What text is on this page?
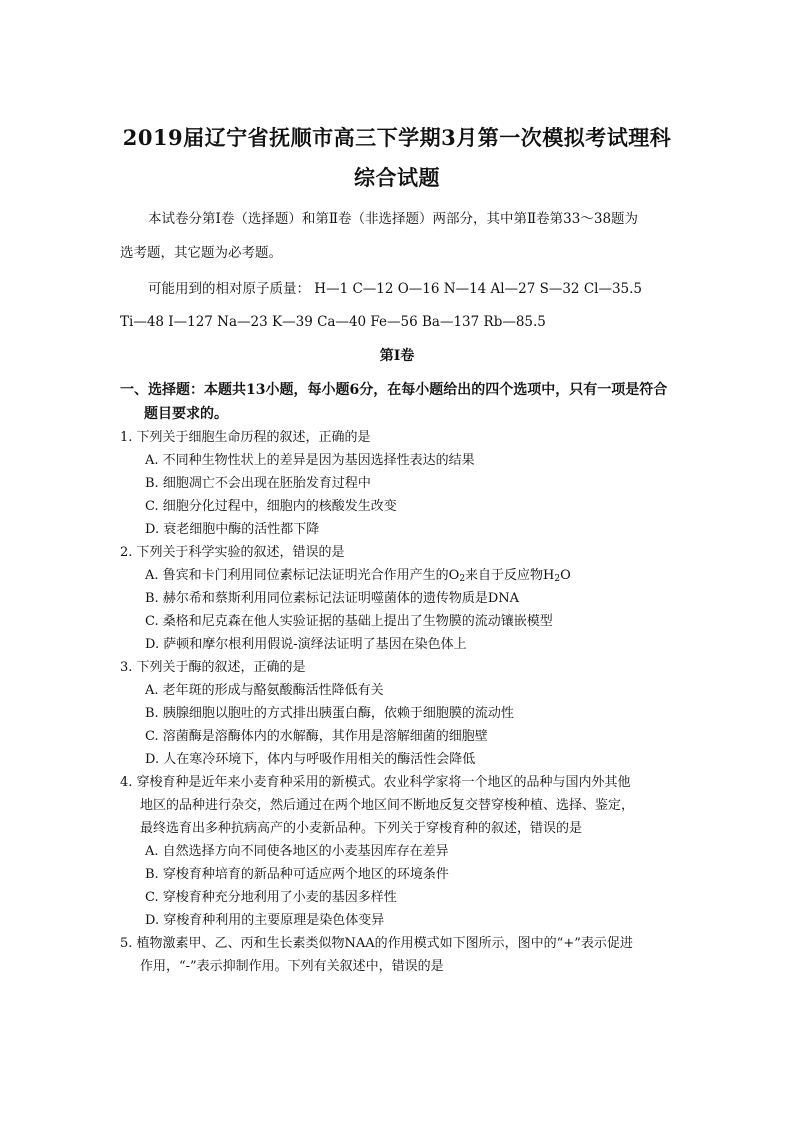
2019届辽宁省抚顺市高三下学期3月第一次模拟考试理科
综合试题
本试卷分第Ⅰ卷（选择题）和第Ⅱ卷（非选择题）两部分，其中第Ⅱ卷第33～38题为
选考题，其它题为必考题。
可能用到的相对原子质量： H—1 C—12 O—16 N—14 Al—27 S—32 Cl—35.5
Ti—48 I—127 Na—23 K—39 Ca—40 Fe—56 Ba—137 Rb—85.5
第Ⅰ卷
一、选择题：本题共13小题，每小题6分，在每小题给出的四个选项中，只有一项是符合
题目要求的。
1. 下列关于细胞生命历程的叙述，正确的是
A. 不同种生物性状上的差异是因为基因选择性表达的结果
B. 细胞凋亡不会出现在胚胎发育过程中
C. 细胞分化过程中，细胞内的核酸发生改变
D. 衰老细胞中酶的活性都下降
2. 下列关于科学实验的叙述，错误的是
A. 鲁宾和卡门利用同位素标记法证明光合作用产生的$O_2$来自于反应物$H_2O$
B. 赫尔希和蔡斯利用同位素标记法证明噬菌体的遗传物质是DNA
C. 桑格和尼克森在他人实验证据的基础上提出了生物膜的流动镶嵌模型
D. 萨顿和摩尔根利用假说-演绎法证明了基因在染色体上
3. 下列关于酶的叙述，正确的是
A. 老年斑的形成与酪氨酸酶活性降低有关
B. 胰腺细胞以胞吐的方式排出胰蛋白酶，依赖于细胞膜的流动性
C. 溶菌酶是溶酶体内的水解酶，其作用是溶解细菌的细胞壁
D. 人在寒冷环境下，体内与呼吸作用相关的酶活性会降低
4. 穿梭育种是近年来小麦育种采用的新模式。农业科学家将一个地区的品种与国内外其他
地区的品种进行杂交，然后通过在两个地区间不断地反复交替穿梭种植、选择、鉴定，
最终选育出多种抗病高产的小麦新品种。下列关于穿梭育种的叙述，错误的是
A. 自然选择方向不同使各地区的小麦基因库存在差异
B. 穿梭育种培育的新品种可适应两个地区的环境条件
C. 穿梭育种充分地利用了小麦的基因多样性
D. 穿梭育种利用的主要原理是染色体变异
5. 植物激素甲、乙、丙和生长素类似物NAA的作用模式如下图所示，图中的“+”表示促进
作用，“-”表示抑制作用。下列有关叙述中，错误的是
